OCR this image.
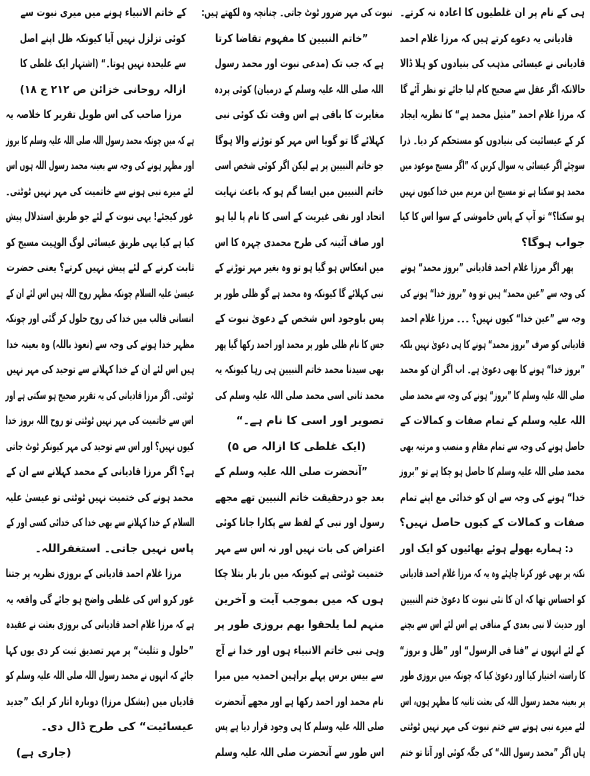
ہی کے نام پر ان غلطیوں کا اعادہ نہ کرتے۔
قادیانی یہ دعوے کرتے ہیں کہ مرزا غلام احمد
قادیانی نے عیسائی مذہب کی بنیادوں کو ہلا ڈالا
حالانکہ اگر عقل سے صحیح کام لیا جائے تو نظر آئے گا
کہ مرزا غلام احمد ”مثیل محمد ہے“ کا نظریہ ایجاد
کر کے عیسائیت کی بنیادوں کو مستحکم کر دیا۔ ذرا
سوچئے اگر عیسائی یہ سوال کریں کہ ”اگر مسیح موعود میں
محمد ہو سکتا ہے تو مسیح ابن مریم میں خدا کیوں نہیں
ہو سکتا؟“ تو آپ کے پاس خاموشی کے سوا اس کا کیا
جواب ہوگا؟
پھر اگر مرزا غلام احمد قادیانی ”بروز محمد“ ہونے
کی وجہ سے ”عین محمد“ ہیں تو وہ ”بروز خدا“ ہونے کی
وجہ سے ”عین خدا“ کیوں نہیں؟ ۔۔۔ مرزا غلام احمد
قادیانی کو صرف ”بروز محمد“ ہونے کا ہی دعویٰ نہیں بلکہ
”بروز خدا“ ہونے کا بھی دعویٰ ہے۔ اب اگر ان کو محمد
صلی اللہ علیہ وسلم کا ”بروز“ ہونے کی وجہ سے محمد صلی
اللہ علیہ وسلم کے تمام صفات و کمالات کے
حاصل ہونے کی وجہ سے تمام مقام و منصب و مرتبہ بھی
محمد صلی اللہ علیہ وسلم کا حاصل ہو چکا ہے تو ”بروز
خدا“ ہونے کی وجہ سے ان کو خدائی مع اپنے تمام
صفات و کمالات کے کیوں حاصل نہیں؟
د: ہمارے بھولے ہوئے بھائیوں کو ایک اور
نکتہ پر بھی غور کرنا چاہئے وہ یہ کہ مرزا غلام احمد قادیانی
کو احساس تھا کہ ان کا نئی نبوت کا دعویٰ ختم النبیین
اور حدیث لا نبی بعدی کے منافی ہے اس لئے اس سے بچنے
کے لئے انہوں نے ”فنا فی الرسول“ اور ”ظل و بروز“
کا راستہ اختیار کیا اور دعویٰ کیا کہ چونکہ میں بروزی طور
پر بعینہ محمد رسول اللہ کی بعثت ثانیہ کا مظہر ہوں، اس
لئے میرے نبی ہونے سے ختم نبوت کی مہر نہیں ٹوٹتی
ہاں اگر ”محمد رسول اللہ“ کی جگہ کوئی اور آتا تو ختم
نبوت کی مہر ضرور ٹوٹ جاتی۔ چنانچہ وہ لکھتے ہیں:
”خاتم النبیین کا مفہوم تقاضا کرتا
ہے کہ جب تک (مدعی نبوت اور محمد رسول
اللہ صلی اللہ علیہ وسلم کے درمیان) کوئی پردہ
مغایرت کا باقی ہے اس وقت تک کوئی نبی
کہلائے گا تو گویا اس مہر کو توڑنے والا ہوگا
جو خاتم النبیین پر ہے لیکن اگر کوئی شخص اسی
خاتم النبیین میں ایسا گم ہو کہ باعث نہایت
اتحاد اور نفی غیریت کے اسی کا نام پا لیا ہو
اور صاف آئینہ کی طرح محمدی چہرہ کا اس
میں انعکاس ہو گیا ہو تو وہ بغیر مہر توڑنے کے
نبی کہلائے گا کیونکہ وہ محمد ہے گو ظلی طور پر
پس باوجود اس شخص کے دعویٰ نبوت کے
جس کا نام ظلی طور پر محمد اور احمد رکھا گیا پھر
بھی سیدنا محمد خاتم النبیین ہی رہا کیونکہ یہ
محمد ثانی اسی محمد صلی اللہ علیہ وسلم کی
تصویر اور اسی کا نام ہے۔“
(ایک غلطی کا ازالہ ص ۵)
”آنحضرت صلی اللہ علیہ وسلم کے
بعد جو درحقیقت خاتم النبیین تھے مجھے
رسول اور نبی کے لفظ سے پکارا جانا کوئی
اعتراض کی بات نہیں اور نہ اس سے مہر
ختمیت ٹوٹتی ہے کیونکہ میں بار بار بتلا چکا
ہوں کہ میں بموجب آیت و آخرین
منہم لما یلحقوا بھم بروزی طور پر
وہی نبی خاتم الانبیاء ہوں اور خدا نے آج
سے بیس برس پہلے براہین احمدیہ میں میرا
نام محمد اور احمد رکھا ہے اور مجھے آنحضرت
صلی اللہ علیہ وسلم کا ہی وجود قرار دیا ہے پس
اس طور سے آنحضرت صلی اللہ علیہ وسلم
کے خاتم الانبیاء ہونے میں میری نبوت سے
کوئی تزلزل نہیں آیا کیونکہ ظل اپنے اصل
سے علیحدہ نہیں ہوتا۔“ (اشتہار ایک غلطی کا
ازالہ روحانی خزائن ص ۲۱۲ ج ۱۸)
مرزا صاحب کی اس طویل تقریر کا خلاصہ یہ
ہے کہ میں چونکہ محمد رسول اللہ صلی اللہ علیہ وسلم کا بروز
اور مظہر ہونے کی وجہ سے بعینہ محمد رسول اللہ ہوں اس
لئے میرے نبی ہونے سے خاتمیت کی مہر نہیں ٹوٹتی۔
غور کیجئے! یہی نبوت کے لئے جو طریق استدلال پیش
کیا ہے کیا یہی طریق عیسائی لوگ الوہیت مسیح کو
ثابت کرنے کے لئے پیش نہیں کرتے؟ یعنی حضرت
عیسیٰ علیہ السلام چونکہ مظہر روح اللہ ہیں اس لئے ان کے
انسانی قالب میں خدا کی روح حلول کر گئی اور چونکہ
مظہر خدا ہونے کی وجہ سے (نعوذ باللہ) وہ بعینہ خدا
ہیں اس لئے ان کے خدا کہلانے سے توحید کی مہر نہیں
ٹوٹتی۔ اگر مرزا قادیانی کی یہ تقریر صحیح ہو سکتی ہے اور
اس سے خاتمیت کی مہر نہیں ٹوٹتی تو روح اللہ بروز خدا
کیوں نہیں؟ اور اس سے توحید کی مہر کیونکر ٹوٹ جاتی
ہے؟ اگر مرزا قادیانی کے محمد کہلانے سے ان کے
محمد ہونے کی ختمیت نہیں ٹوٹتی تو عیسیٰ علیہ
السلام کے خدا کہلانے سے بھی خدا کی خدائی کسی اور کے
پاس نہیں جاتی۔ استغفراللہ۔
مرزا غلام احمد قادیانی کے بروزی نظریہ پر جتنا
غور کرو اس کی غلطی واضح ہو جائے گی واقعہ یہ
ہے کہ مرزا غلام احمد قادیانی کی بروزی بعثت نے عقیدہ
”حلول و تثلیث“ پر مہر تصدیق ثبت کر دی یوں کہا
جائے کہ انہوں نے محمد رسول اللہ صلی اللہ علیہ وسلم کو
قادیاں میں (بشکل مرزا) دوبارہ اتار کر ایک ”جدید
عیسائیت“ کی طرح ڈال دی۔
(جاری ہے)
